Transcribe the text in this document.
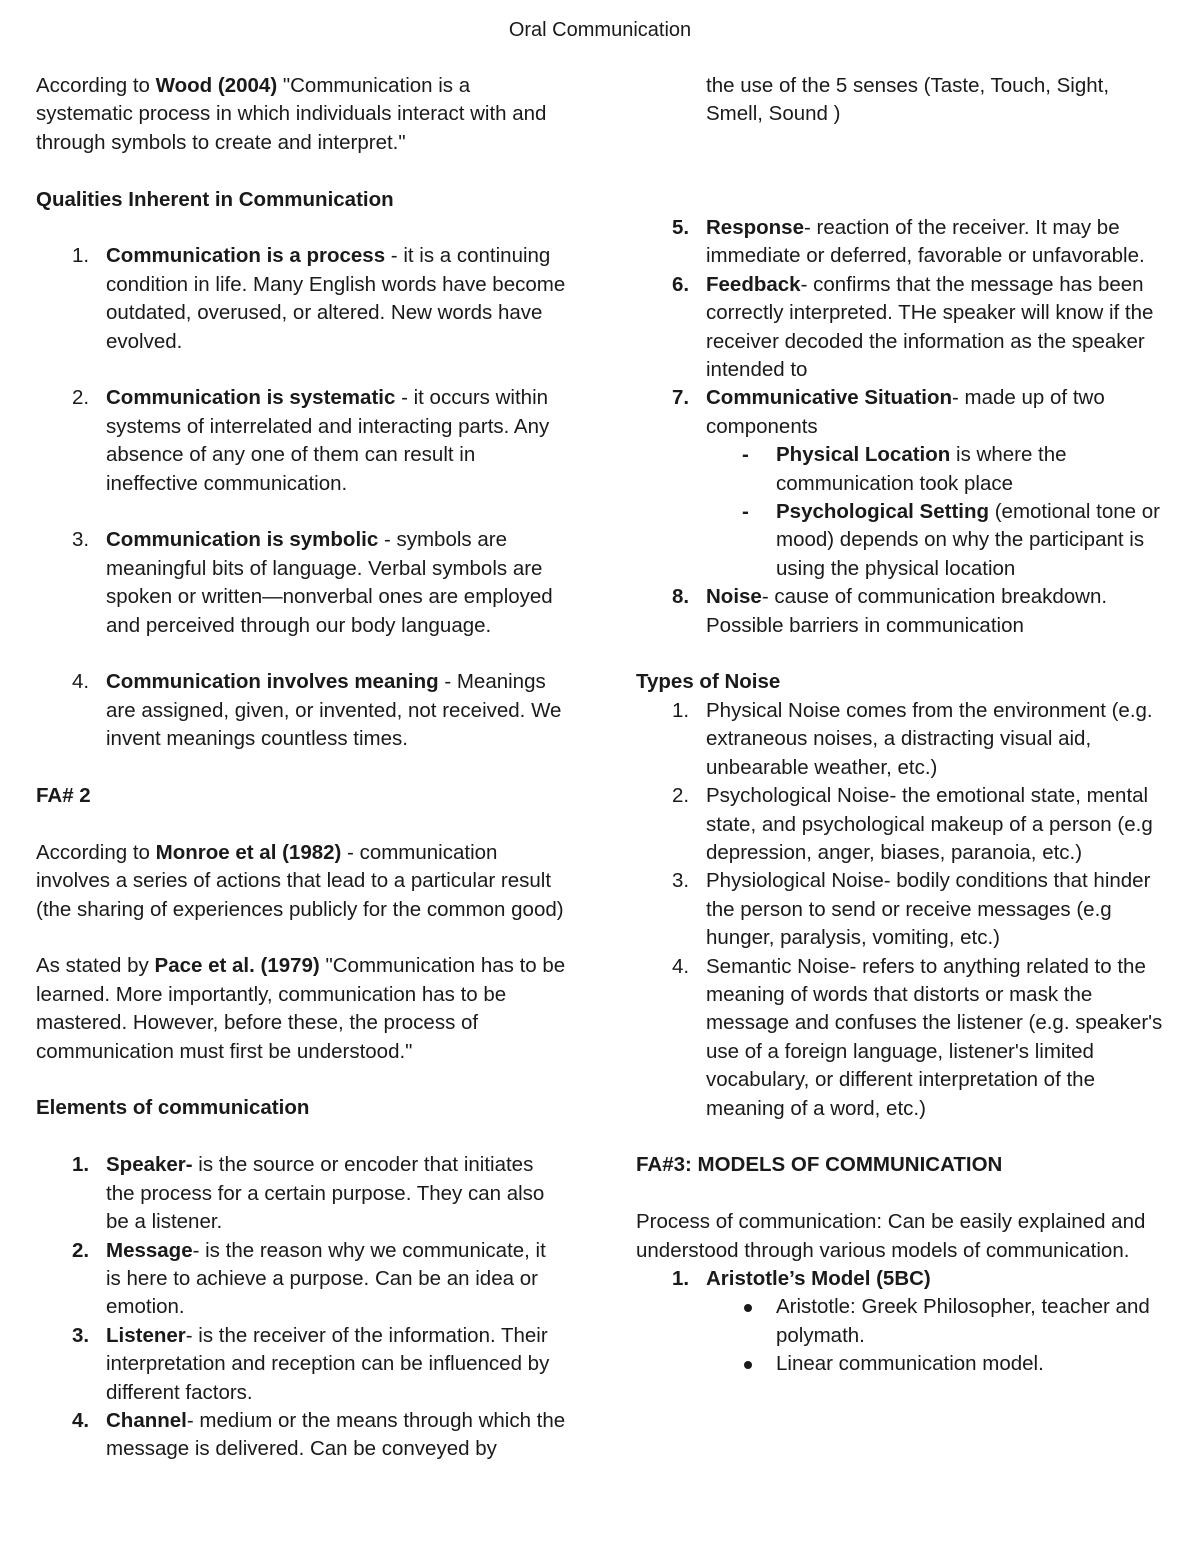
Oral Communication

According to Wood (2004) "Communication is a systematic process in which individuals interact with and through symbols to create and interpret."

Qualities Inherent in Communication
1. Communication is a process - it is a continuing condition in life. Many English words have become outdated, overused, or altered. New words have evolved.
2. Communication is systematic - it occurs within systems of interrelated and interacting parts. Any absence of any one of them can result in ineffective communication.
3. Communication is symbolic - symbols are meaningful bits of language. Verbal symbols are spoken or written—nonverbal ones are employed and perceived through our body language.
4. Communication involves meaning - Meanings are assigned, given, or invented, not received. We invent meanings countless times.
FA# 2

According to Monroe et al (1982) - communication involves a series of actions that lead to a particular result (the sharing of experiences publicly for the common good)

As stated by Pace et al. (1979) "Communication has to be learned. More importantly, communication has to be mastered. However, before these, the process of communication must first be understood."

Elements of communication
1. Speaker- is the source or encoder that initiates the process for a certain purpose. They can also be a listener.
2. Message- is the reason why we communicate, it is here to achieve a purpose. Can be an idea or emotion.
3. Listener- is the receiver of the information. Their interpretation and reception can be influenced by different factors.
4. Channel- medium or the means through which the message is delivered. Can be conveyed by
the use of the 5 senses (Taste, Touch, Sight, Smell, Sound )
5. Response- reaction of the receiver. It may be immediate or deferred, favorable or unfavorable.
6. Feedback- confirms that the message has been correctly interpreted. THe speaker will know if the receiver decoded the information as the speaker intended to
7. Communicative Situation- made up of two components
- Physical Location is where the communication took place
- Psychological Setting (emotional tone or mood) depends on why the participant is using the physical location
8. Noise- cause of communication breakdown. Possible barriers in communication
Types of Noise
1. Physical Noise comes from the environment (e.g. extraneous noises, a distracting visual aid, unbearable weather, etc.)
2. Psychological Noise- the emotional state, mental state, and psychological makeup of a person (e.g depression, anger, biases, paranoia, etc.)
3. Physiological Noise- bodily conditions that hinder the person to send or receive messages (e.g hunger, paralysis, vomiting, etc.)
4. Semantic Noise- refers to anything related to the meaning of words that distorts or mask the message and confuses the listener (e.g. speaker's use of a foreign language, listener's limited vocabulary, or different interpretation of the meaning of a word, etc.)
FA#3: MODELS OF COMMUNICATION

Process of communication: Can be easily explained and understood through various models of communication.

1. Aristotle’s Model (5BC)
Aristotle: Greek Philosopher, teacher and polymath.
Linear communication model.
